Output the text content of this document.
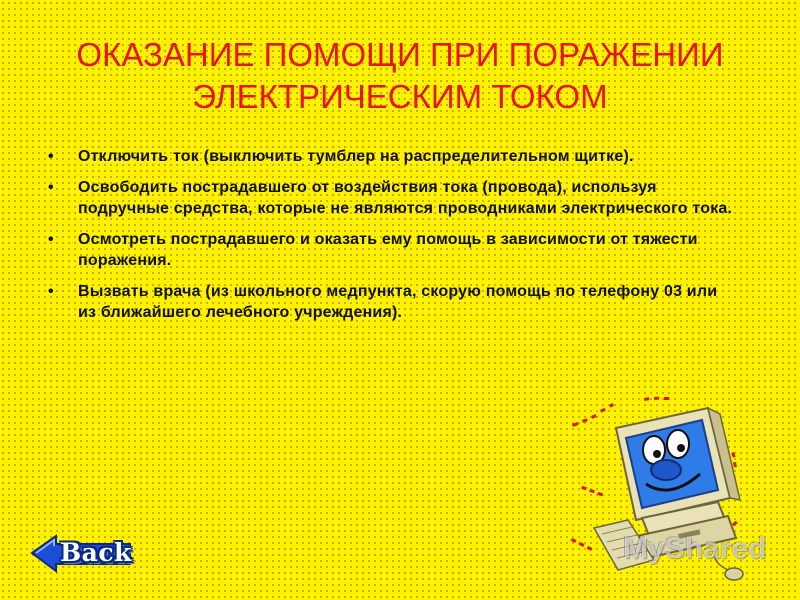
ОКАЗАНИЕ ПОМОЩИ ПРИ ПОРАЖЕНИИ
ЭЛЕКТРИЧЕСКИМ ТОКОМ
• Отключить ток (выключить тумблер на распределительном щитке).
• Освободить пострадавшего от воздействия тока (провода), используя подручные средства, которые не являются проводниками электрического тока.
• Осмотреть пострадавшего и оказать ему помощь в зависимости от тяжести поражения.
• Вызвать врача (из школьного медпункта, скорую помощь по телефону 03 или из ближайшего лечебного учреждения).
MyShared
Back
